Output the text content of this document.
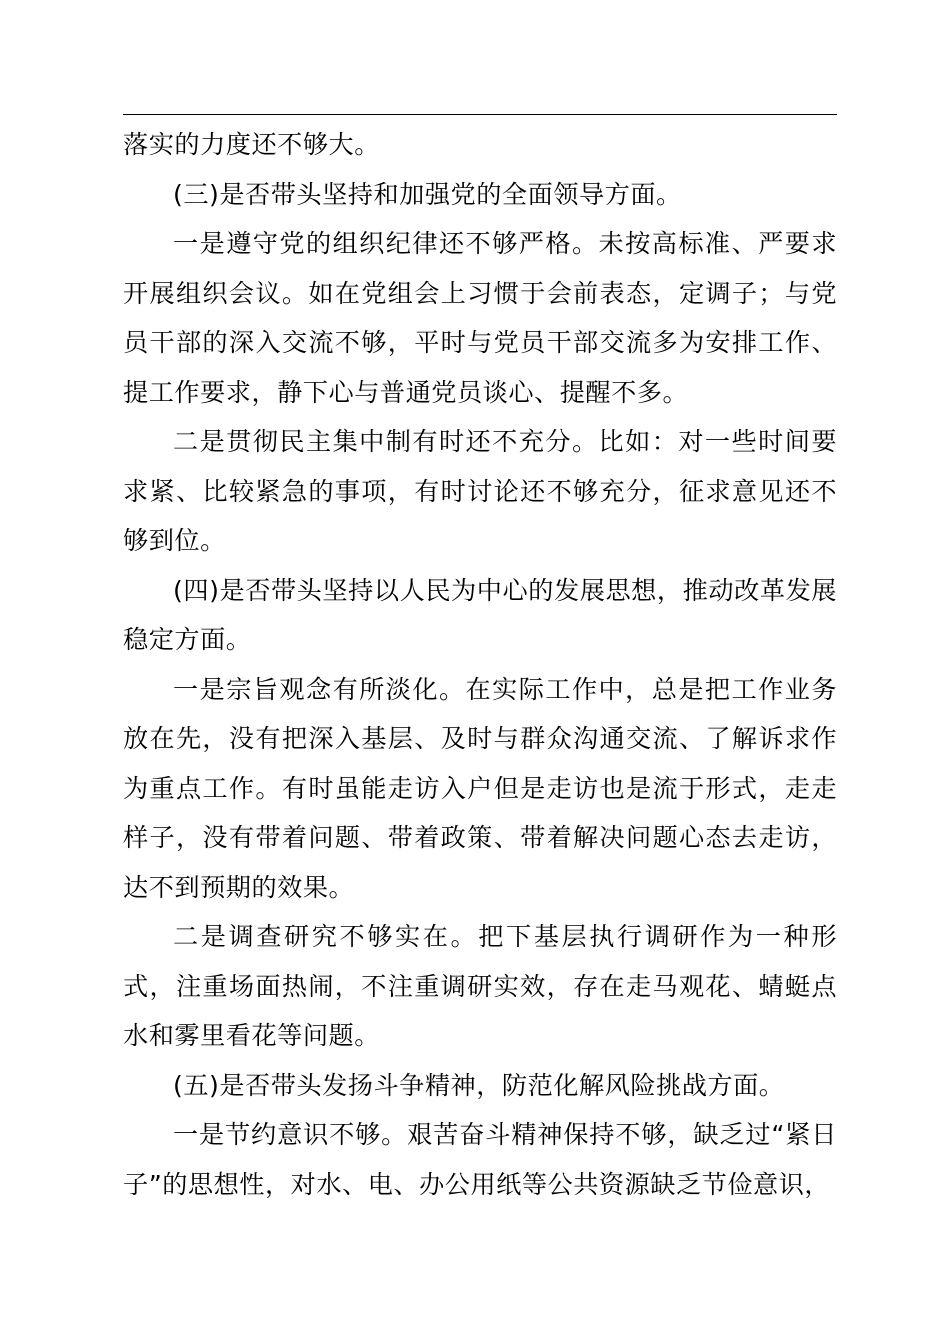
落实的力度还不够大。

(三)是否带头坚持和加强党的全面领导方面。

一是遵守党的组织纪律还不够严格。未按高标准、严要求开展组织会议。如在党组会上习惯于会前表态，定调子；与党员干部的深入交流不够，平时与党员干部交流多为安排工作、提工作要求，静下心与普通党员谈心、提醒不多。

二是贯彻民主集中制有时还不充分。比如：对一些时间要求紧、比较紧急的事项，有时讨论还不够充分，征求意见还不够到位。

(四)是否带头坚持以人民为中心的发展思想，推动改革发展稳定方面。

一是宗旨观念有所淡化。在实际工作中，总是把工作业务放在先，没有把深入基层、及时与群众沟通交流、了解诉求作为重点工作。有时虽能走访入户但是走访也是流于形式，走走样子，没有带着问题、带着政策、带着解决问题心态去走访，达不到预期的效果。

二是调查研究不够实在。把下基层执行调研作为一种形式，注重场面热闹，不注重调研实效，存在走马观花、蜻蜓点水和雾里看花等问题。

(五)是否带头发扬斗争精神，防范化解风险挑战方面。

一是节约意识不够。艰苦奋斗精神保持不够，缺乏过“紧日子”的思想性，对水、电、办公用纸等公共资源缺乏节俭意识，
